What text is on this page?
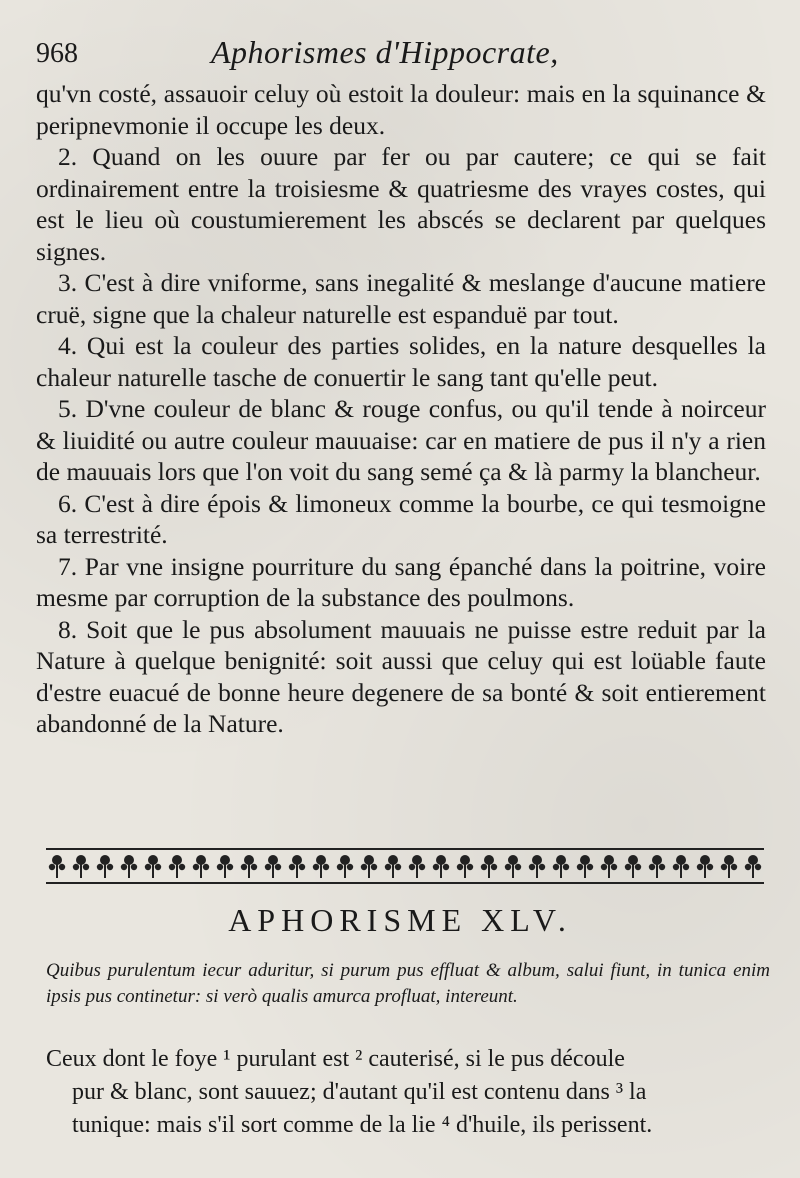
968	Aphorismes d'Hippocrate,

qu'vn costé, assauoir celuy où estoit la douleur: mais en la squinance & peripnevmonie il occupe les deux.

2. Quand on les ouure par fer ou par cautere; ce qui se fait ordinairement entre la troisiesme & quatriesme des vrayes costes, qui est le lieu où coustumierement les abscés se declarent par quelques signes.

3. C'est à dire vniforme, sans inegalité & meslange d'aucune matiere cruë, signe que la chaleur naturelle est espanduë par tout.

4. Qui est la couleur des parties solides, en la nature desquelles la chaleur naturelle tasche de conuertir le sang tant qu'elle peut.

5. D'vne couleur de blanc & rouge confus, ou qu'il tende à noirceur & liuidité ou autre couleur mauuaise: car en matiere de pus il n'y a rien de mauuais lors que l'on voit du sang semé ça & là parmy la blancheur.

6. C'est à dire épois & limoneux comme la bourbe, ce qui tesmoigne sa terrestrité.

7. Par vne insigne pourriture du sang épanché dans la poitrine, voire mesme par corruption de la substance des poulmons.

8. Soit que le pus absolument mauuais ne puisse estre reduit par la Nature à quelque benignité: soit aussi que celuy qui est loüable faute d'estre euacué de bonne heure degenere de sa bonté & soit entierement abandonné de la Nature.

APHORISME XLV.

Quibus purulentum iecur aduritur, si purum pus effluat & album, salui fiunt, in tunica enim ipsis pus continetur: si verò qualis amurca profluat, intereunt.

Ceux dont le foye ¹ purulant est ² cauterisé, si le pus découle
pur & blanc, sont sauuez; d'autant qu'il est contenu dans ³ la
tunique: mais s'il sort comme de la lie ⁴ d'huile, ils perissent.
